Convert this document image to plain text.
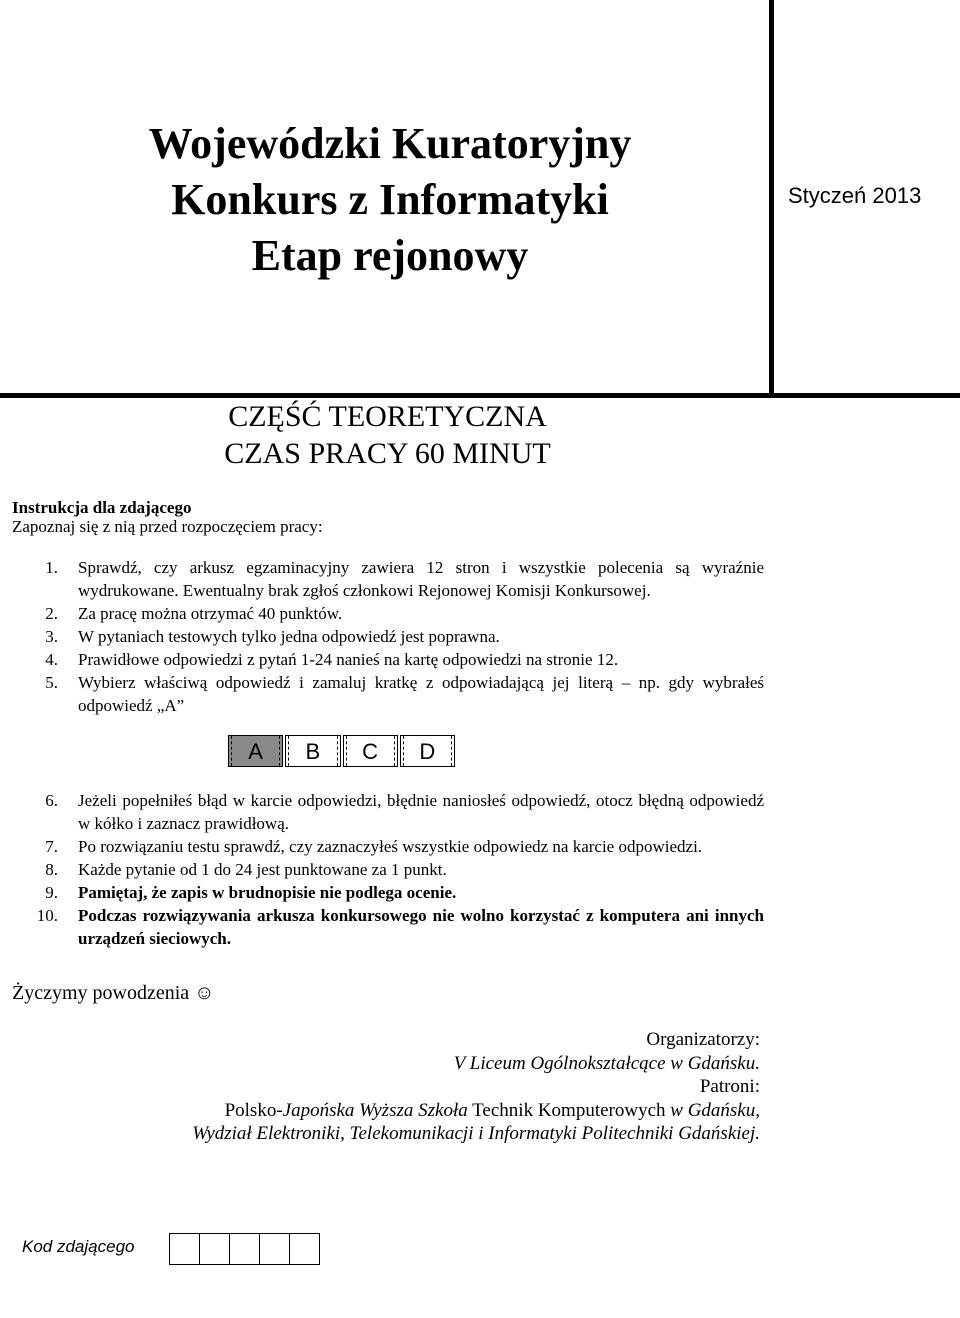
Wojewódzki Kuratoryjny
Konkurs z Informatyki
Etap rejonowy
Styczeń 2013
CZĘŚĆ TEORETYCZNA
CZAS PRACY 60 MINUT
Instrukcja dla zdającego
Zapoznaj się z nią przed rozpoczęciem pracy:
1. Sprawdź, czy arkusz egzaminacyjny zawiera 12 stron i wszystkie polecenia są wyraźnie wydrukowane. Ewentualny brak zgłoś członkowi Rejonowej Komisji Konkursowej.
2. Za pracę można otrzymać 40 punktów.
3. W pytaniach testowych tylko jedna odpowiedź jest poprawna.
4. Prawidłowe odpowiedzi z pytań 1-24 nanieś na kartę odpowiedzi na stronie 12.
5. Wybierz właściwą odpowiedź i zamaluj kratkę z odpowiadającą jej literą – np. gdy wybrałeś odpowiedź „A”
A	B	C	D
6. Jeżeli popełniłeś błąd w karcie odpowiedzi, błędnie naniosłeś odpowiedź, otocz błędną odpowiedź w kółko i zaznacz prawidłową.
7. Po rozwiązaniu testu sprawdź, czy zaznaczyłeś wszystkie odpowiedz na karcie odpowiedzi.
8. Każde pytanie od 1 do 24 jest punktowane za 1 punkt.
9. Pamiętaj, że zapis w brudnopisie nie podlega ocenie.
10. Podczas rozwiązywania arkusza konkursowego nie wolno korzystać z komputera ani innych urządzeń sieciowych.
Życzymy powodzenia ☺
Organizatorzy:
V Liceum Ogólnokształcące w Gdańsku.
Patroni:
Polsko-Japońska Wyższa Szkoła Technik Komputerowych w Gdańsku,
Wydział Elektroniki, Telekomunikacji i Informatyki Politechniki Gdańskiej.
Kod zdającego
